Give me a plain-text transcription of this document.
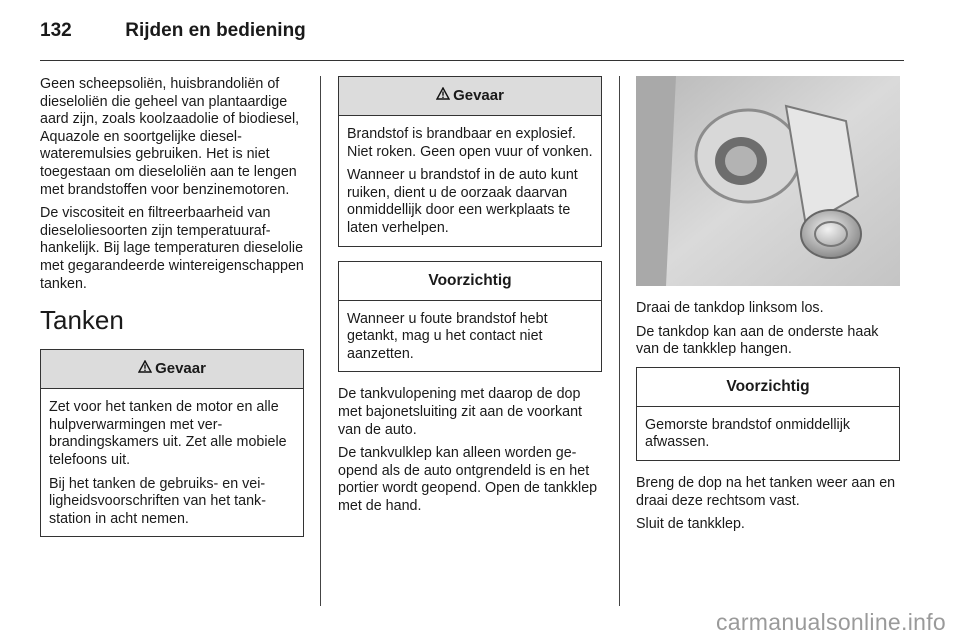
132	Rijden en bediening

Geen scheepsoliën, huisbrandoliën of dieseloliën die geheel van plantaardige aard zijn, zoals koolzaadolie of biodiesel, Aquazole en soortgelijke diesel-wateremulsies gebruiken. Het is niet toegestaan om dieseloliën aan te lengen met brandstoffen voor benzinemotoren.

De viscositeit en filtreerbaarheid van dieseloliesoorten zijn temperatuurafhankelijk. Bij lage temperaturen dieselolie met gegarandeerde wintereigenschappen tanken.

Tanken
Gevaar

Zet voor het tanken de motor en alle hulpverwarmingen met verbrandingskamers uit. Zet alle mobiele telefoons uit.

Bij het tanken de gebruiks- en veiligheidsvoorschriften van het tankstation in acht nemen.

Gevaar

Brandstof is brandbaar en explosief. Niet roken. Geen open vuur of vonken.

Wanneer u brandstof in de auto kunt ruiken, dient u de oorzaak daarvan onmiddellijk door een werkplaats te laten verhelpen.

Voorzichtig

Wanneer u foute brandstof hebt getankt, mag u het contact niet aanzetten.

De tankvulopening met daarop de dop met bajonetsluiting zit aan de voorkant van de auto.

De tankvulklep kan alleen worden geopend als de auto ontgrendeld is en het portier wordt geopend. Open de tankklep met de hand.

Draai de tankdop linksom los.

De tankdop kan aan de onderste haak van de tankklep hangen.

Voorzichtig

Gemorste brandstof onmiddellijk afwassen.

Breng de dop na het tanken weer aan en draai deze rechtsom vast.

Sluit de tankklep.

carmanualsonline.info
